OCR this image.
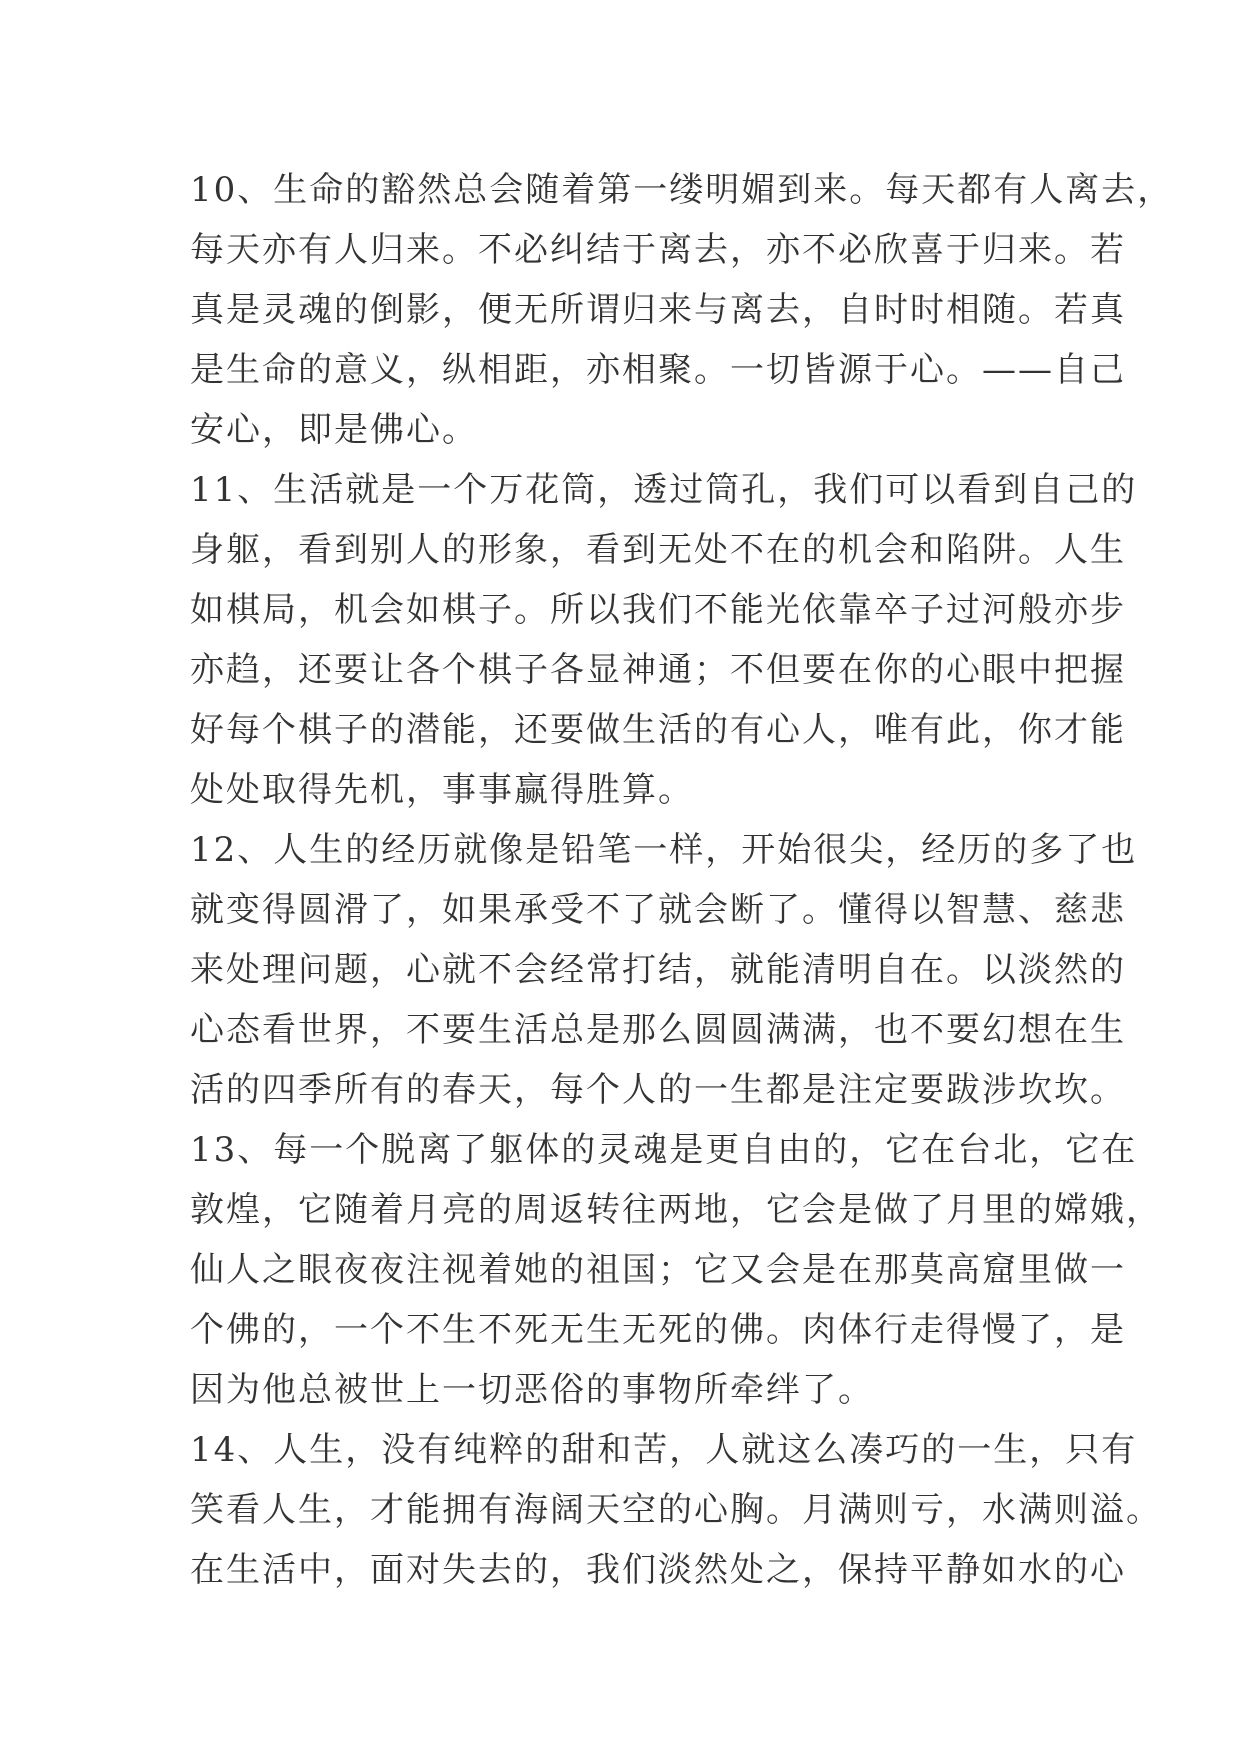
10、生命的豁然总会随着第一缕明媚到来。每天都有人离去，
每天亦有人归来。不必纠结于离去，亦不必欣喜于归来。若
真是灵魂的倒影，便无所谓归来与离去，自时时相随。若真
是生命的意义，纵相距，亦相聚。一切皆源于心。——自己
安心，即是佛心。
11、生活就是一个万花筒，透过筒孔，我们可以看到自己的
身躯，看到别人的形象，看到无处不在的机会和陷阱。人生
如棋局，机会如棋子。所以我们不能光依靠卒子过河般亦步
亦趋，还要让各个棋子各显神通；不但要在你的心眼中把握
好每个棋子的潜能，还要做生活的有心人，唯有此，你才能
处处取得先机，事事赢得胜算。
12、人生的经历就像是铅笔一样，开始很尖，经历的多了也
就变得圆滑了，如果承受不了就会断了。懂得以智慧、慈悲
来处理问题，心就不会经常打结，就能清明自在。以淡然的
心态看世界，不要生活总是那么圆圆满满，也不要幻想在生
活的四季所有的春天，每个人的一生都是注定要跋涉坎坎。
13、每一个脱离了躯体的灵魂是更自由的，它在台北，它在
敦煌，它随着月亮的周返转往两地，它会是做了月里的嫦娥，
仙人之眼夜夜注视着她的祖国；它又会是在那莫高窟里做一
个佛的，一个不生不死无生无死的佛。肉体行走得慢了，是
因为他总被世上一切恶俗的事物所牵绊了。
14、人生，没有纯粹的甜和苦，人就这么凑巧的一生，只有
笑看人生，才能拥有海阔天空的心胸。月满则亏，水满则溢。
在生活中，面对失去的，我们淡然处之，保持平静如水的心
